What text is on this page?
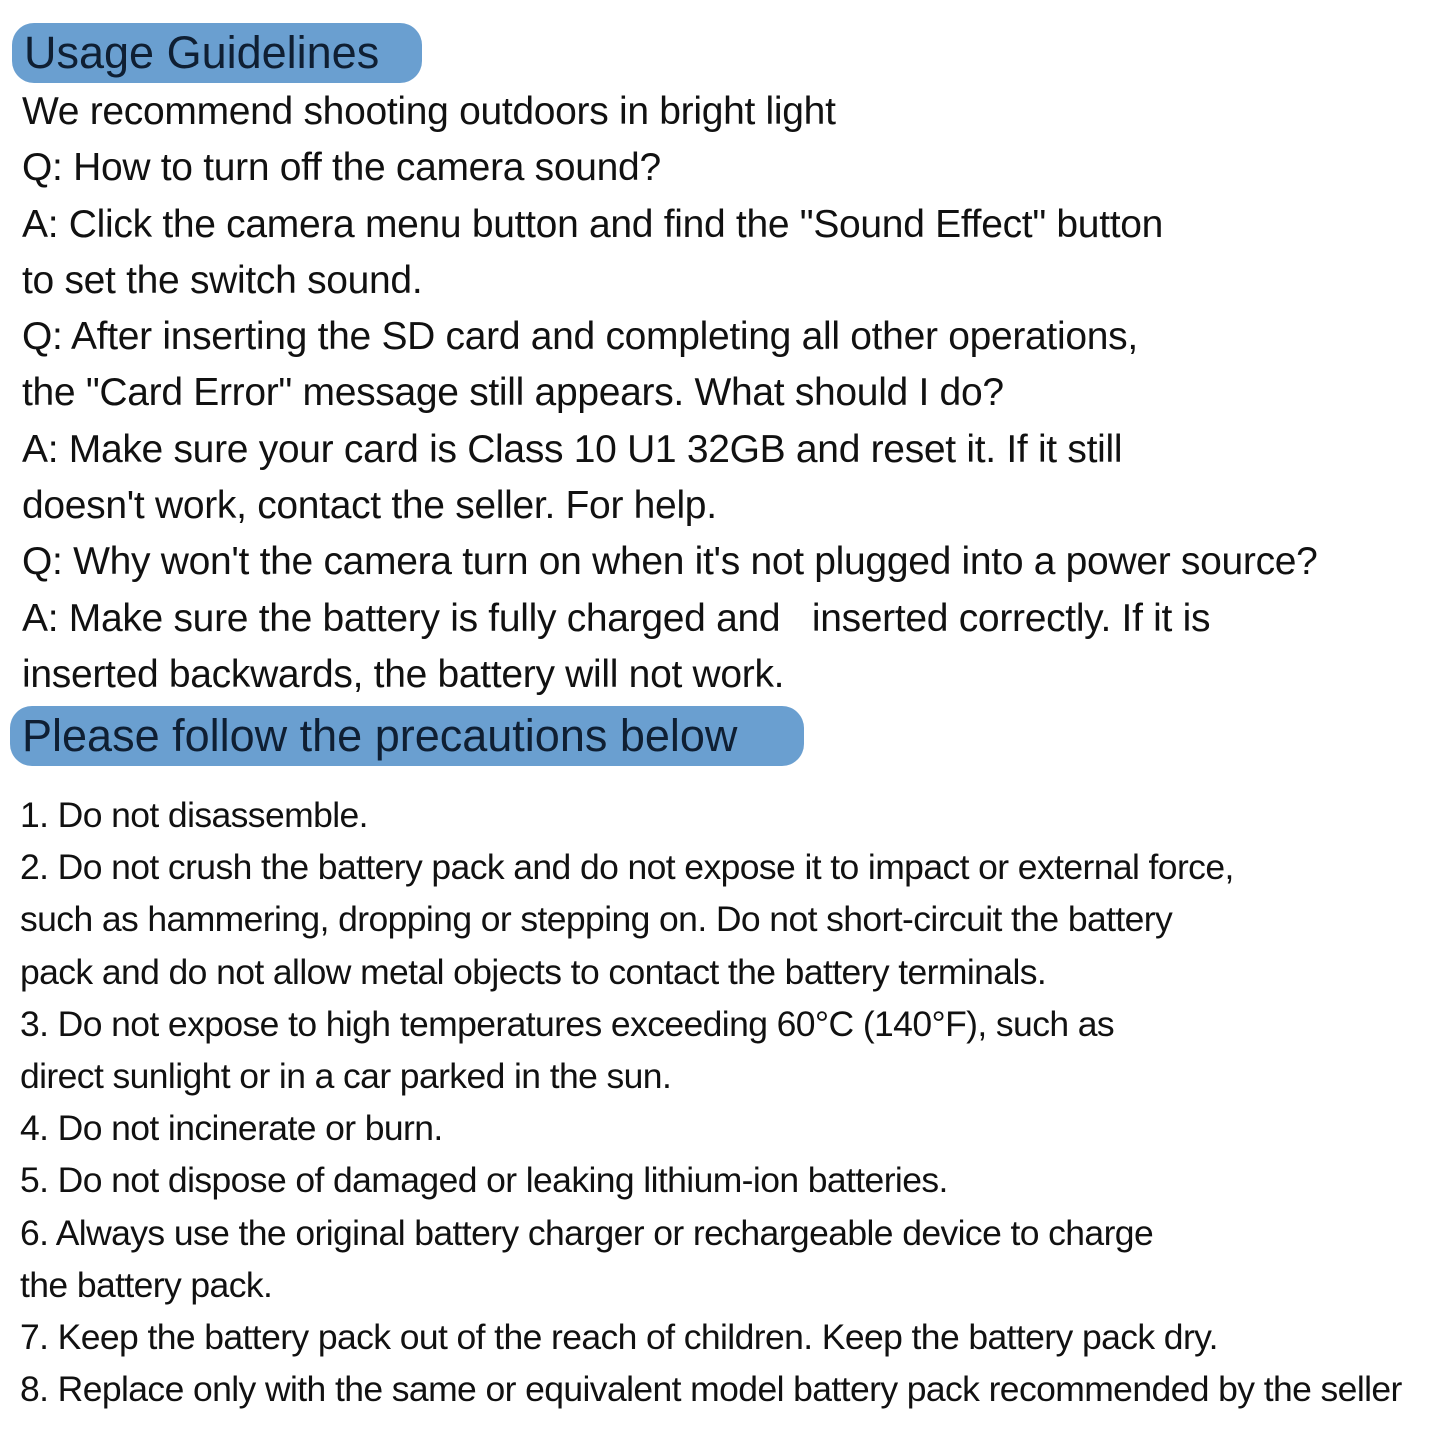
Usage Guidelines
We recommend shooting outdoors in bright light
Q: How to turn off the camera sound?
A: Click the camera menu button and find the "Sound Effect" button
to set the switch sound.
Q: After inserting the SD card and completing all other operations,
the "Card Error" message still appears. What should I do?
A: Make sure your card is Class 10 U1 32GB and reset it. If it still
doesn't work, contact the seller. For help.
Q: Why won't the camera turn on when it's not plugged into a power source?
A: Make sure the battery is fully charged and   inserted correctly. If it is
inserted backwards, the battery will not work.
Please follow the precautions below
1. Do not disassemble.
2. Do not crush the battery pack and do not expose it to impact or external force,
such as hammering, dropping or stepping on. Do not short-circuit the battery
pack and do not allow metal objects to contact the battery terminals.
3. Do not expose to high temperatures exceeding 60°C (140°F), such as
direct sunlight or in a car parked in the sun.
4. Do not incinerate or burn.
5. Do not dispose of damaged or leaking lithium-ion batteries.
6. Always use the original battery charger or rechargeable device to charge
the battery pack.
7. Keep the battery pack out of the reach of children. Keep the battery pack dry.
8. Replace only with the same or equivalent model battery pack recommended by the seller
